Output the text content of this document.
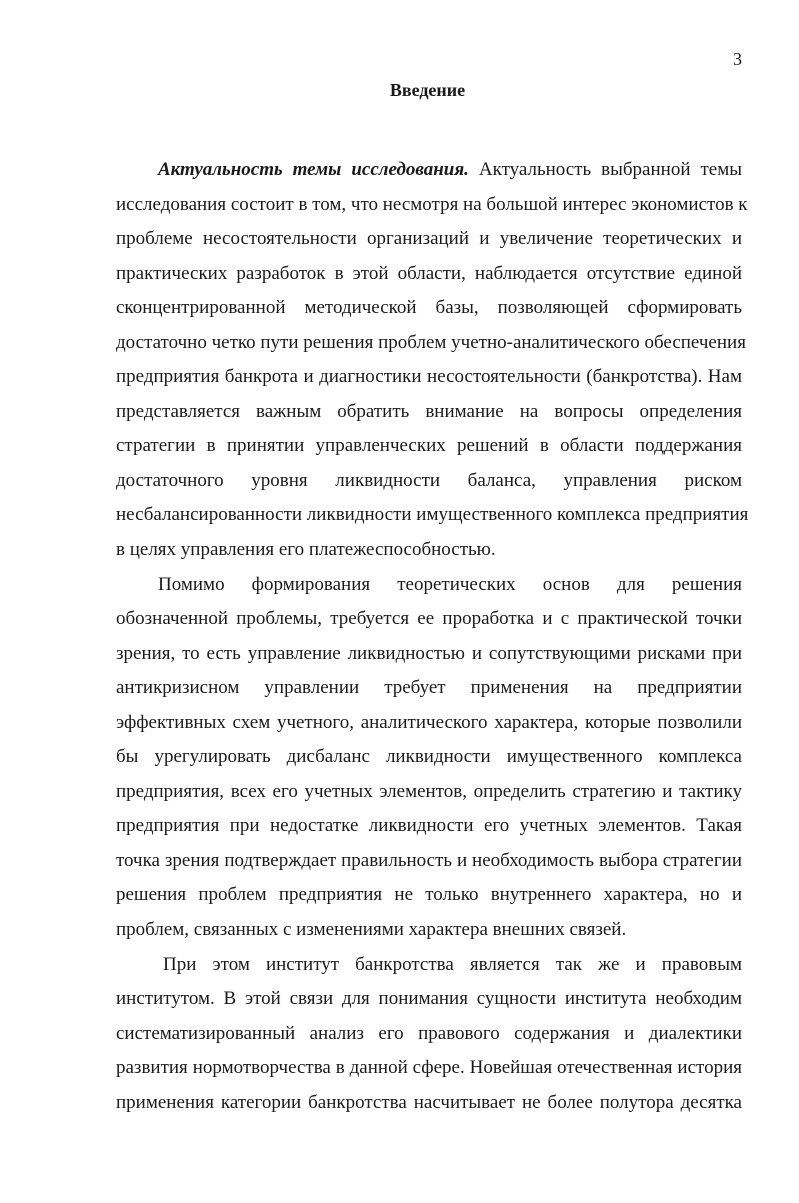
3
Введение
Актуальность темы исследования. Актуальность выбранной темы
исследования состоит в том, что несмотря на большой интерес экономистов к
проблеме несостоятельности организаций и увеличение теоретических и
практических разработок в этой области, наблюдается отсутствие единой
сконцентрированной методической базы, позволяющей сформировать
достаточно четко пути решения проблем учетно-аналитического обеспечения
предприятия банкрота и диагностики несостоятельности (банкротства). Нам
представляется важным обратить внимание на вопросы определения
стратегии в принятии управленческих решений в области поддержания
достаточного уровня ликвидности баланса, управления риском
несбалансированности ликвидности имущественного комплекса предприятия
в целях управления его платежеспособностью.
Помимо формирования теоретических основ для решения
обозначенной проблемы, требуется ее проработка и с практической точки
зрения, то есть управление ликвидностью и сопутствующими рисками при
антикризисном управлении требует применения на предприятии
эффективных схем учетного, аналитического характера, которые позволили
бы урегулировать дисбаланс ликвидности имущественного комплекса
предприятия, всех его учетных элементов, определить стратегию и тактику
предприятия при недостатке ликвидности его учетных элементов. Такая
точка зрения подтверждает правильность и необходимость выбора стратегии
решения проблем предприятия не только внутреннего характера, но и
проблем, связанных с изменениями характера внешних связей.
При этом институт банкротства является так же и правовым
институтом. В этой связи для понимания сущности института необходим
систематизированный анализ его правового содержания и диалектики
развития нормотворчества в данной сфере. Новейшая отечественная история
применения категории банкротства насчитывает не более полутора десятка
